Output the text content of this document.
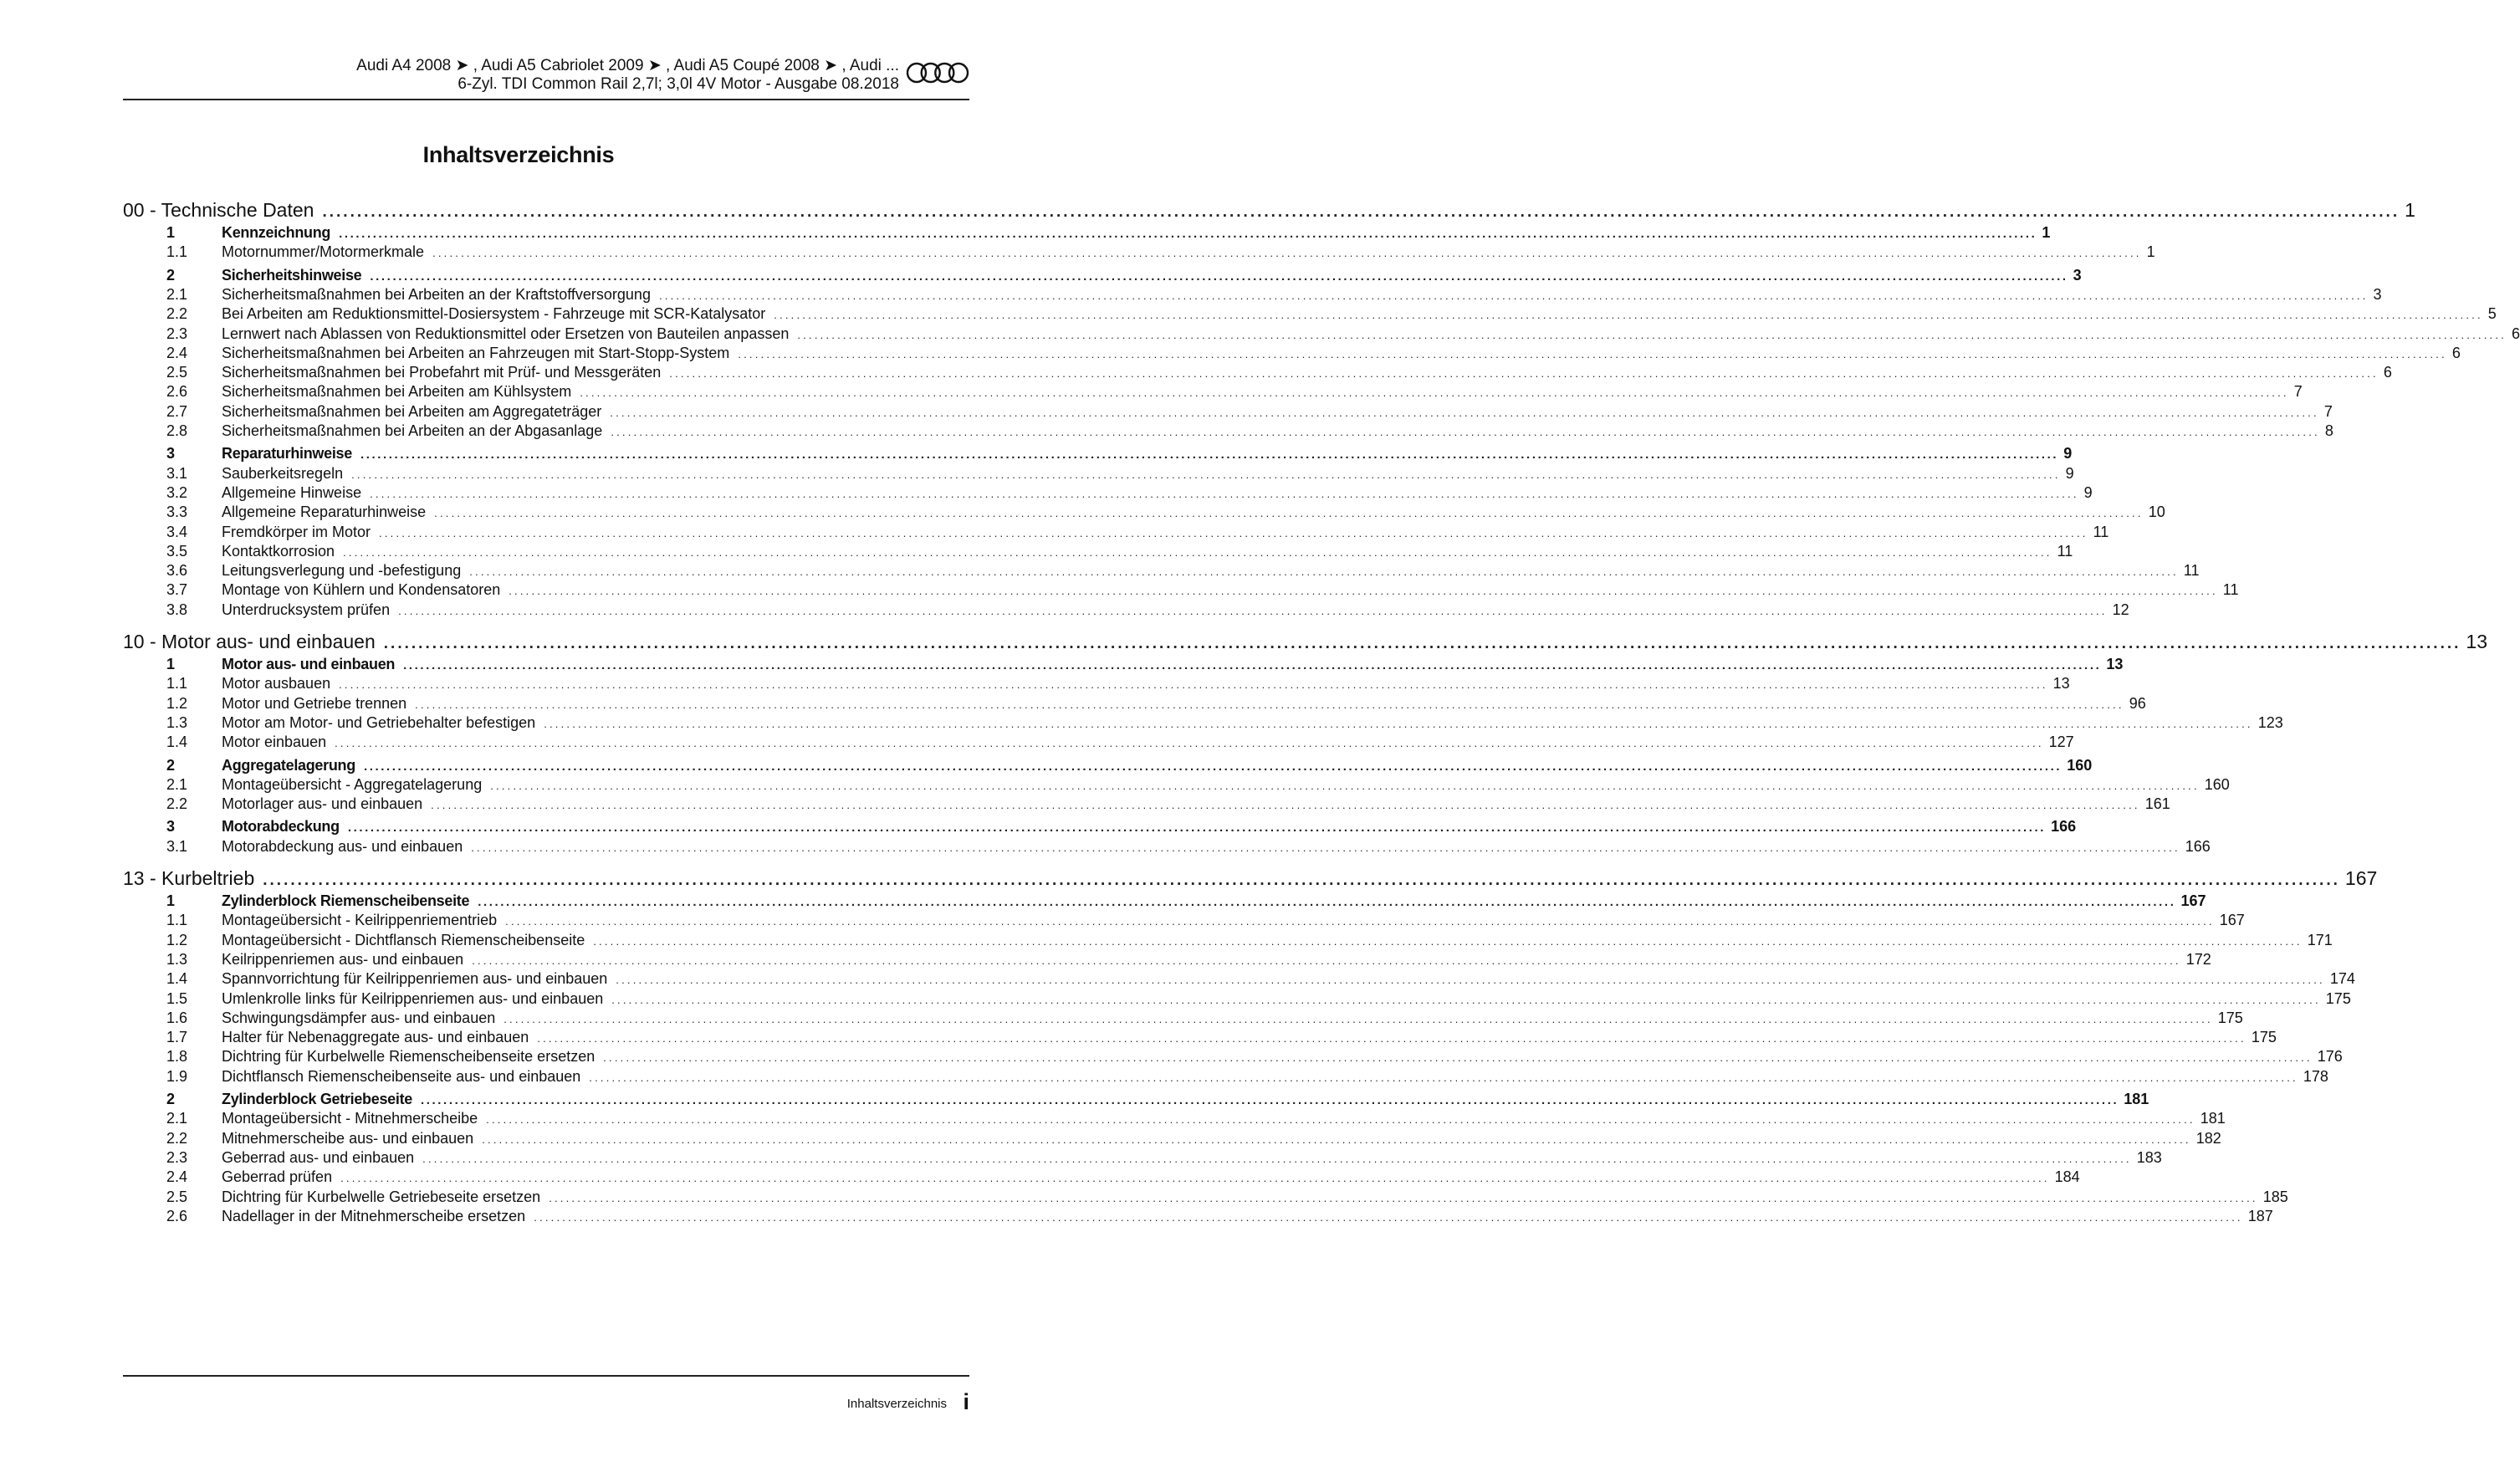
Audi A4 2008 ➤ , Audi A5 Cabriolet 2009 ➤ , Audi A5 Coupé 2008 ➤ , Audi ...
6-Zyl. TDI Common Rail 2,7l; 3,0l 4V Motor - Ausgabe 08.2018
Inhaltsverzeichnis
00 - Technische Daten ............................................................................................................................................................................................................................................................................................................ 1
1	Kennzeichnung ............................................................................................................................................................................................................................................................................................................ 1
1.1	Motornummer/Motormerkmale ............................................................................................................................................................................................................................................................................................................ 1
2	Sicherheitshinweise ............................................................................................................................................................................................................................................................................................................ 3
2.1	Sicherheitsmaßnahmen bei Arbeiten an der Kraftstoffversorgung ............................................................................................................................................................................................................................................................................................................ 3
2.2	Bei Arbeiten am Reduktionsmittel-Dosiersystem - Fahrzeuge mit SCR-Katalysator ............................................................................................................................................................................................................................................................................................................ 5
2.3	Lernwert nach Ablassen von Reduktionsmittel oder Ersetzen von Bauteilen anpassen ............................................................................................................................................................................................................................................................................................................ 6
2.4	Sicherheitsmaßnahmen bei Arbeiten an Fahrzeugen mit Start-Stopp-System ............................................................................................................................................................................................................................................................................................................ 6
2.5	Sicherheitsmaßnahmen bei Probefahrt mit Prüf- und Messgeräten ............................................................................................................................................................................................................................................................................................................ 6
2.6	Sicherheitsmaßnahmen bei Arbeiten am Kühlsystem ............................................................................................................................................................................................................................................................................................................ 7
2.7	Sicherheitsmaßnahmen bei Arbeiten am Aggregateträger ............................................................................................................................................................................................................................................................................................................ 7
2.8	Sicherheitsmaßnahmen bei Arbeiten an der Abgasanlage ............................................................................................................................................................................................................................................................................................................ 8
3	Reparaturhinweise ............................................................................................................................................................................................................................................................................................................ 9
3.1	Sauberkeitsregeln ............................................................................................................................................................................................................................................................................................................ 9
3.2	Allgemeine Hinweise ............................................................................................................................................................................................................................................................................................................ 9
3.3	Allgemeine Reparaturhinweise ............................................................................................................................................................................................................................................................................................................ 10
3.4	Fremdkörper im Motor ............................................................................................................................................................................................................................................................................................................ 11
3.5	Kontaktkorrosion ............................................................................................................................................................................................................................................................................................................ 11
3.6	Leitungsverlegung und -befestigung ............................................................................................................................................................................................................................................................................................................ 11
3.7	Montage von Kühlern und Kondensatoren ............................................................................................................................................................................................................................................................................................................ 11
3.8	Unterdrucksystem prüfen ............................................................................................................................................................................................................................................................................................................ 12
10 - Motor aus- und einbauen ............................................................................................................................................................................................................................................................................................................ 13
1	Motor aus- und einbauen ............................................................................................................................................................................................................................................................................................................ 13
1.1	Motor ausbauen ............................................................................................................................................................................................................................................................................................................ 13
1.2	Motor und Getriebe trennen ............................................................................................................................................................................................................................................................................................................ 96
1.3	Motor am Motor- und Getriebehalter befestigen ............................................................................................................................................................................................................................................................................................................ 123
1.4	Motor einbauen ............................................................................................................................................................................................................................................................................................................ 127
2	Aggregatelagerung ............................................................................................................................................................................................................................................................................................................ 160
2.1	Montageübersicht - Aggregatelagerung ............................................................................................................................................................................................................................................................................................................ 160
2.2	Motorlager aus- und einbauen ............................................................................................................................................................................................................................................................................................................ 161
3	Motorabdeckung ............................................................................................................................................................................................................................................................................................................ 166
3.1	Motorabdeckung aus- und einbauen ............................................................................................................................................................................................................................................................................................................ 166
13 - Kurbeltrieb ............................................................................................................................................................................................................................................................................................................ 167
1	Zylinderblock Riemenscheibenseite ............................................................................................................................................................................................................................................................................................................ 167
1.1	Montageübersicht - Keilrippenriementrieb ............................................................................................................................................................................................................................................................................................................ 167
1.2	Montageübersicht - Dichtflansch Riemenscheibenseite ............................................................................................................................................................................................................................................................................................................ 171
1.3	Keilrippenriemen aus- und einbauen ............................................................................................................................................................................................................................................................................................................ 172
1.4	Spannvorrichtung für Keilrippenriemen aus- und einbauen ............................................................................................................................................................................................................................................................................................................ 174
1.5	Umlenkrolle links für Keilrippenriemen aus- und einbauen ............................................................................................................................................................................................................................................................................................................ 175
1.6	Schwingungsdämpfer aus- und einbauen ............................................................................................................................................................................................................................................................................................................ 175
1.7	Halter für Nebenaggregate aus- und einbauen ............................................................................................................................................................................................................................................................................................................ 175
1.8	Dichtring für Kurbelwelle Riemenscheibenseite ersetzen ............................................................................................................................................................................................................................................................................................................ 176
1.9	Dichtflansch Riemenscheibenseite aus- und einbauen ............................................................................................................................................................................................................................................................................................................ 178
2	Zylinderblock Getriebeseite ............................................................................................................................................................................................................................................................................................................ 181
2.1	Montageübersicht - Mitnehmerscheibe ............................................................................................................................................................................................................................................................................................................ 181
2.2	Mitnehmerscheibe aus- und einbauen ............................................................................................................................................................................................................................................................................................................ 182
2.3	Geberrad aus- und einbauen ............................................................................................................................................................................................................................................................................................................ 183
2.4	Geberrad prüfen ............................................................................................................................................................................................................................................................................................................ 184
2.5	Dichtring für Kurbelwelle Getriebeseite ersetzen ............................................................................................................................................................................................................................................................................................................ 185
2.6	Nadellager in der Mitnehmerscheibe ersetzen ............................................................................................................................................................................................................................................................................................................ 187
Inhaltsverzeichnis i
